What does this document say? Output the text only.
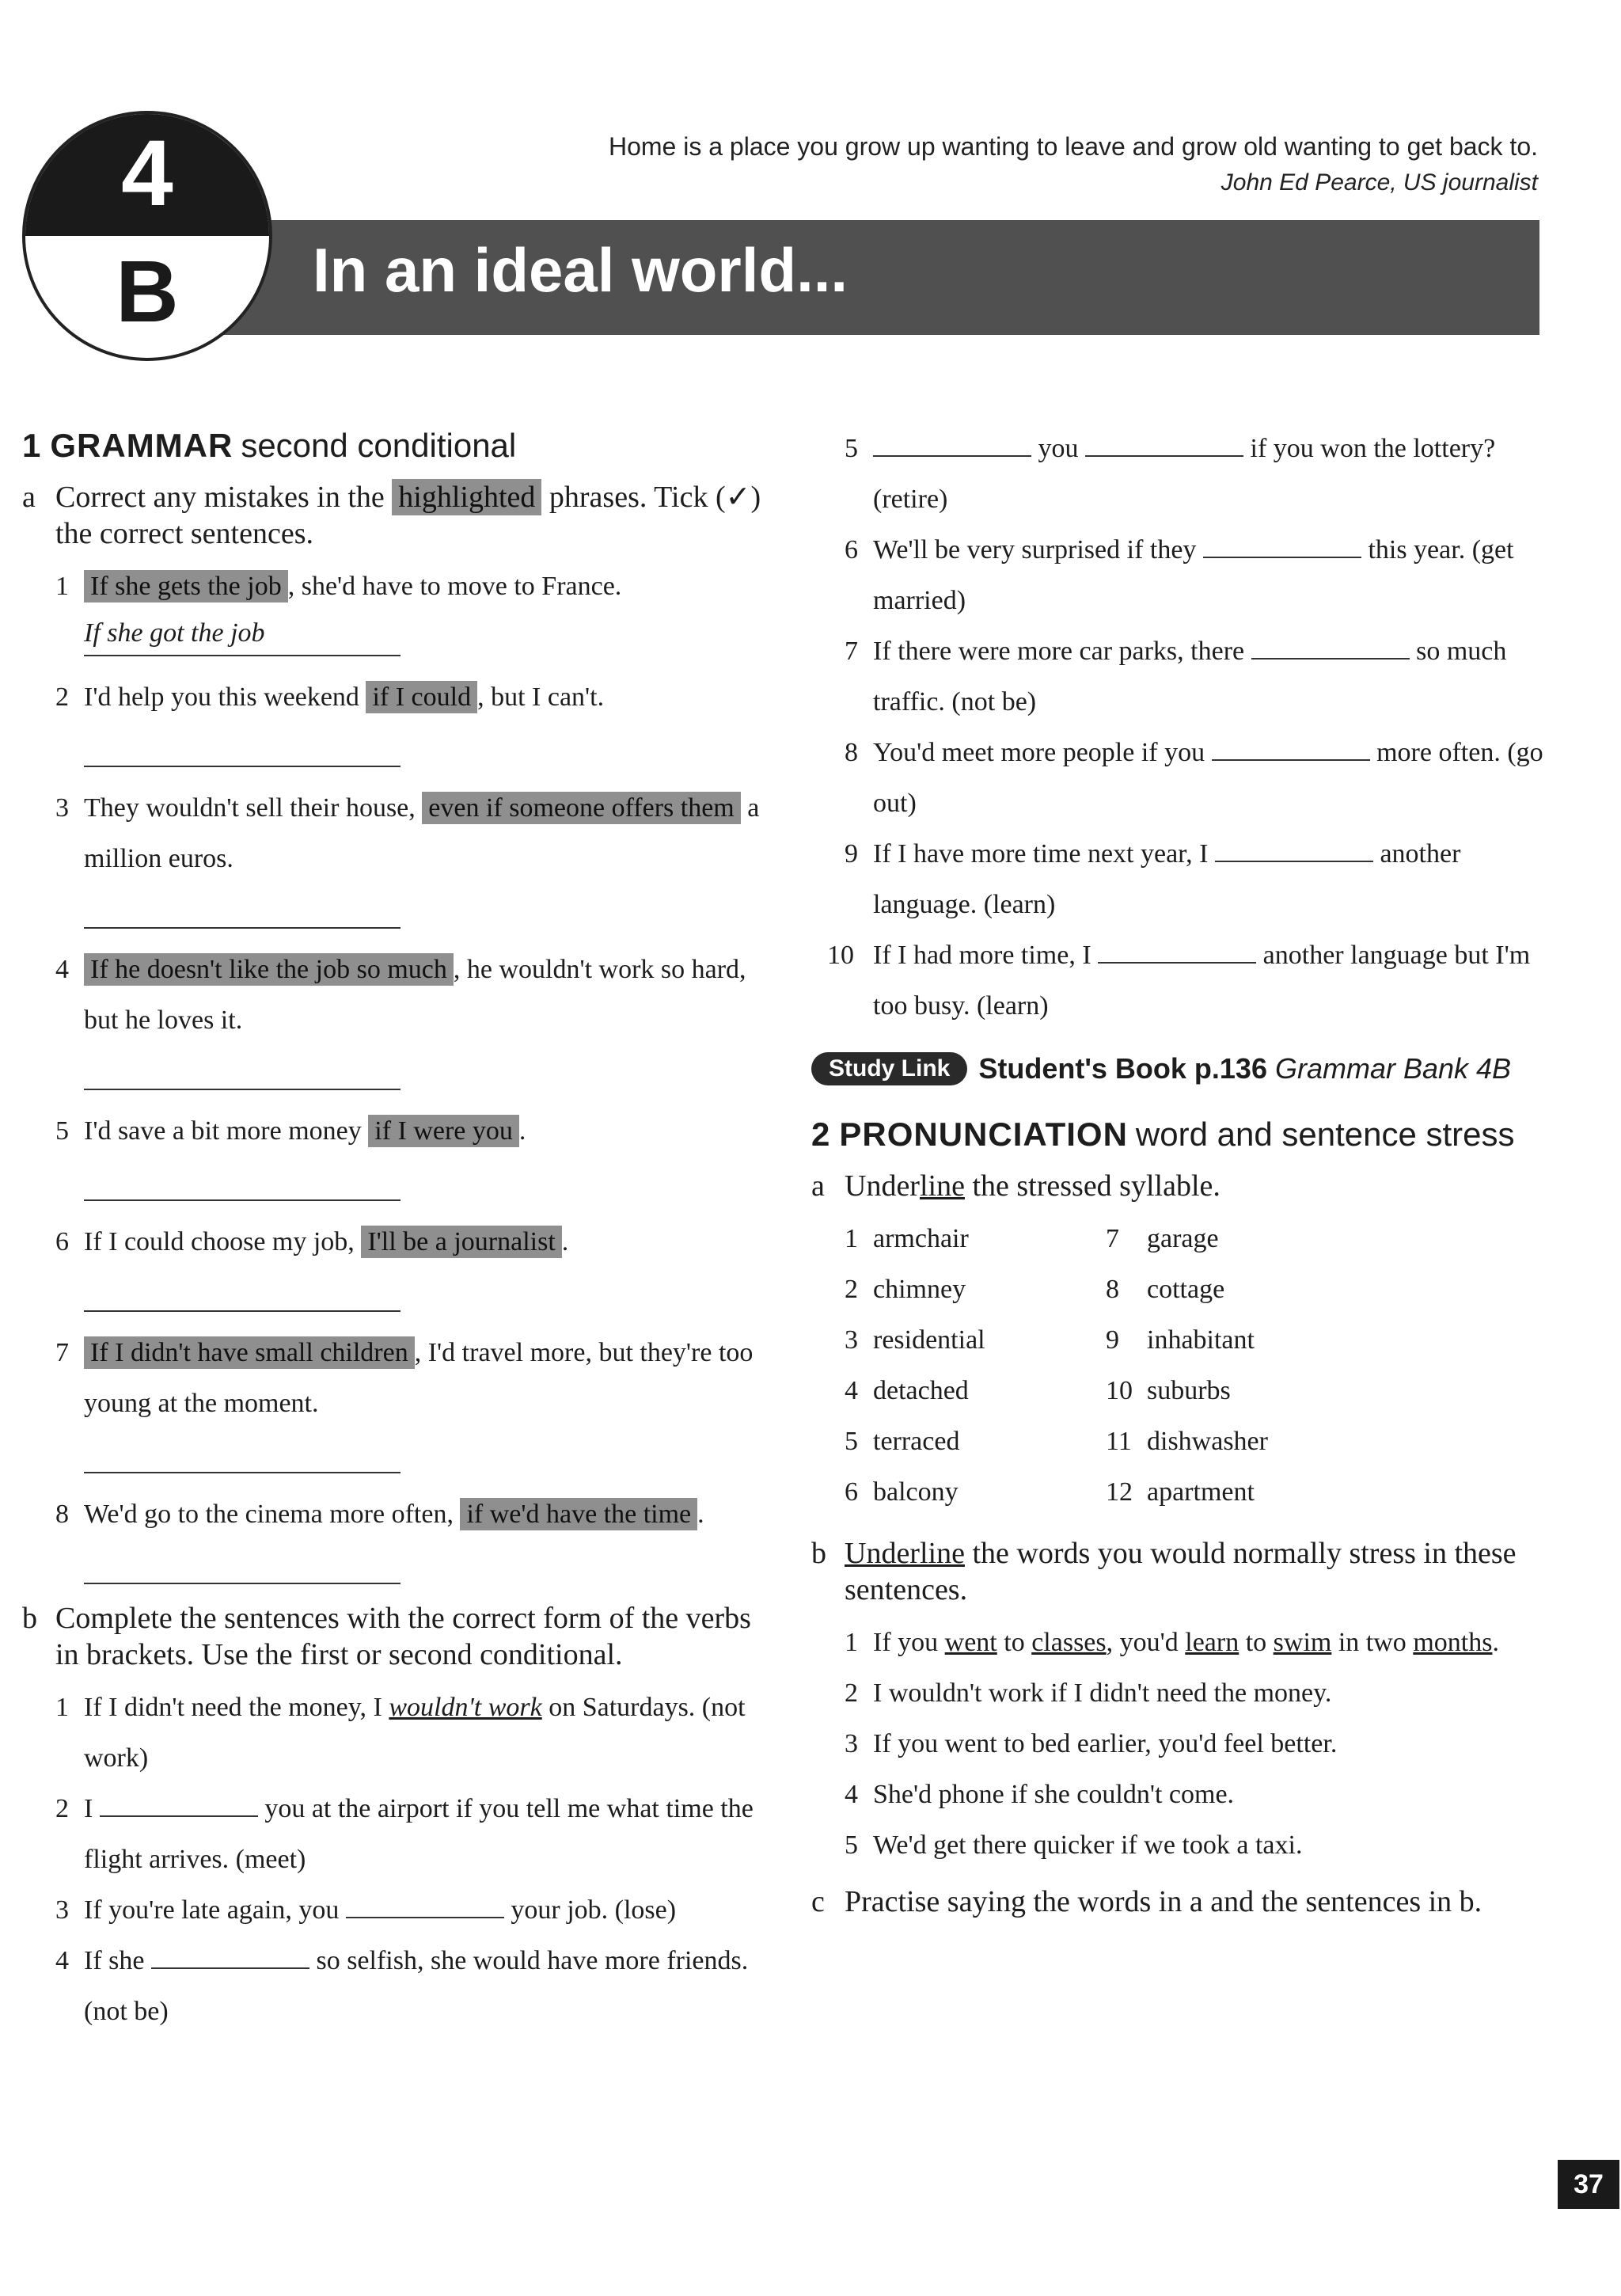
Home is a place you grow up wanting to leave and grow old wanting to get back to.
John Ed Pearce, US journalist
In an ideal world...
4
B
1 GRAMMAR second conditional
a Correct any mistakes in the highlighted phrases. Tick (✓) the correct sentences.
1 If she gets the job , she'd have to move to France.
If she got the job
2 I'd help you this weekend if I could , but I can't.
3 They wouldn't sell their house, even if someone offers them a million euros.
4 If he doesn't like the job so much , he wouldn't work so hard, but he loves it.
5 I'd save a bit more money if I were you .
6 If I could choose my job, I'll be a journalist .
7 If I didn't have small children , I'd travel more, but they're too young at the moment.
8 We'd go to the cinema more often, if we'd have the time .
b Complete the sentences with the correct form of the verbs in brackets. Use the first or second conditional.
1 If I didn't need the money, I wouldn't work on Saturdays. (not work)
2 I	you at the airport if you tell me what time the flight arrives. (meet)
3 If you're late again, you	your job. (lose)
4 If she	so selfish, she would have more friends. (not be)
5	you	if you won the lottery? (retire)
6 We'll be very surprised if they	this year. (get married)
7 If there were more car parks, there	so much traffic. (not be)
8 You'd meet more people if you	more often. (go out)
9 If I have more time next year, I	another language. (learn)
10 If I had more time, I	another language but I'm too busy. (learn)
Study Link	Student's Book p.136 Grammar Bank 4B
2 PRONUNCIATION word and sentence stress
a Underline the stressed syllable.
1 armchair	7	garage
2 chimney	8	cottage
3 residential	9	inhabitant
4 detached	10 suburbs
5 terraced	11 dishwasher
6 balcony	12 apartment
b Underline the words you would normally stress in these sentences.
1 If you went to classes, you'd learn to swim in two months.
2 I wouldn't work if I didn't need the money.
3 If you went to bed earlier, you'd feel better.
4 She'd phone if she couldn't come.
5 We'd get there quicker if we took a taxi.
c Practise saying the words in a and the sentences in b.
37
